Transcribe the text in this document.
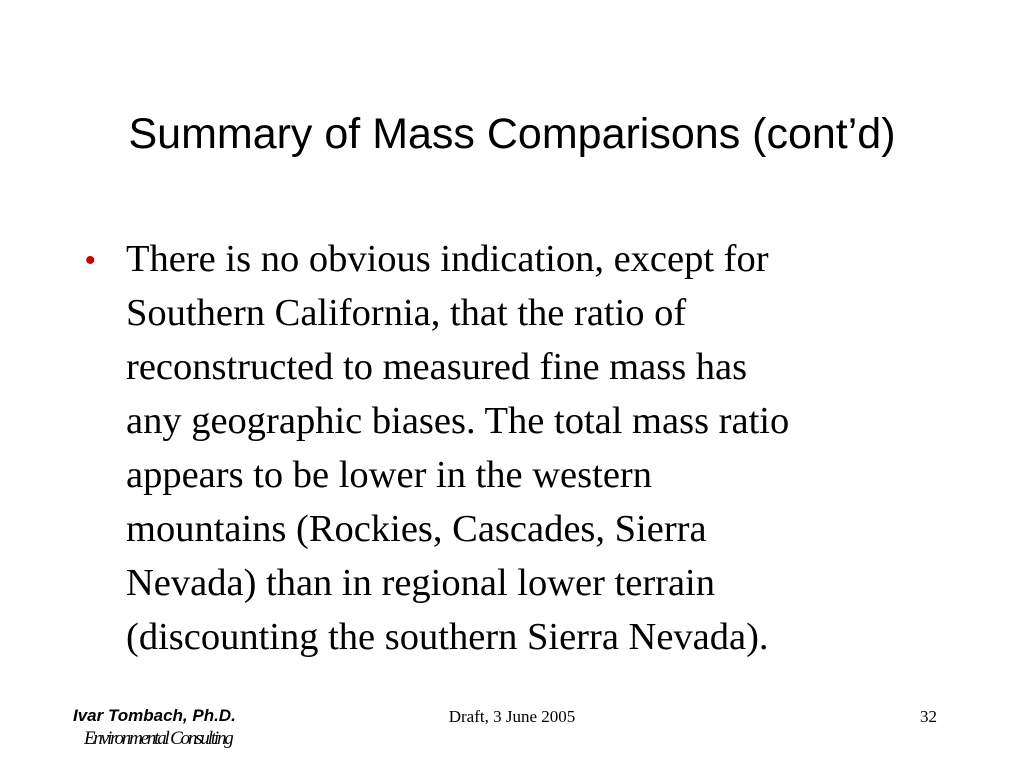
Summary of Mass Comparisons (cont’d)
• There is no obvious indication, except for
Southern California, that the ratio of
reconstructed to measured fine mass has
any geographic biases. The total mass ratio
appears to be lower in the western
mountains (Rockies, Cascades, Sierra
Nevada) than in regional lower terrain
(discounting the southern Sierra Nevada).
Ivar Tombach, Ph.D.
Environmental Consulting
Draft, 3 June 2005	32
